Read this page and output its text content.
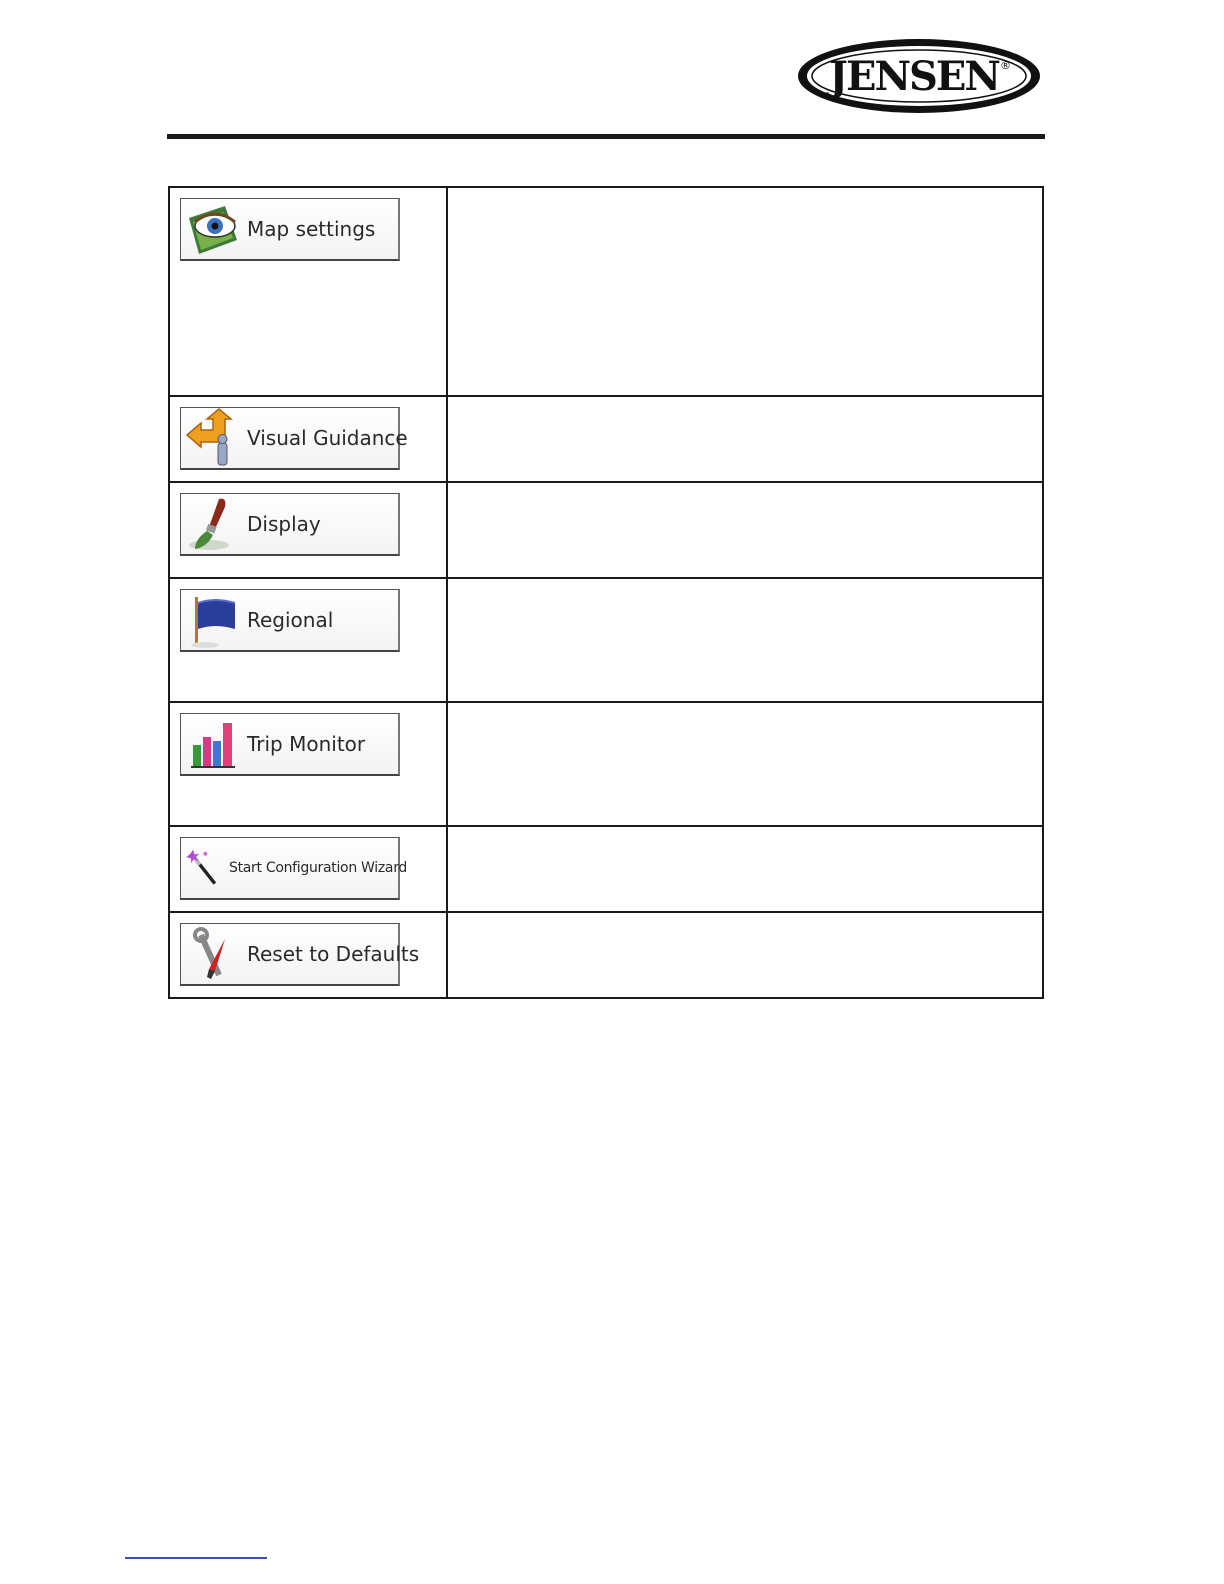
JENSEN ®
Map settings	

Visual Guidance	

Display	

Regional	

Trip Monitor	

Start Configuration Wizard	

Reset to Defaults	
